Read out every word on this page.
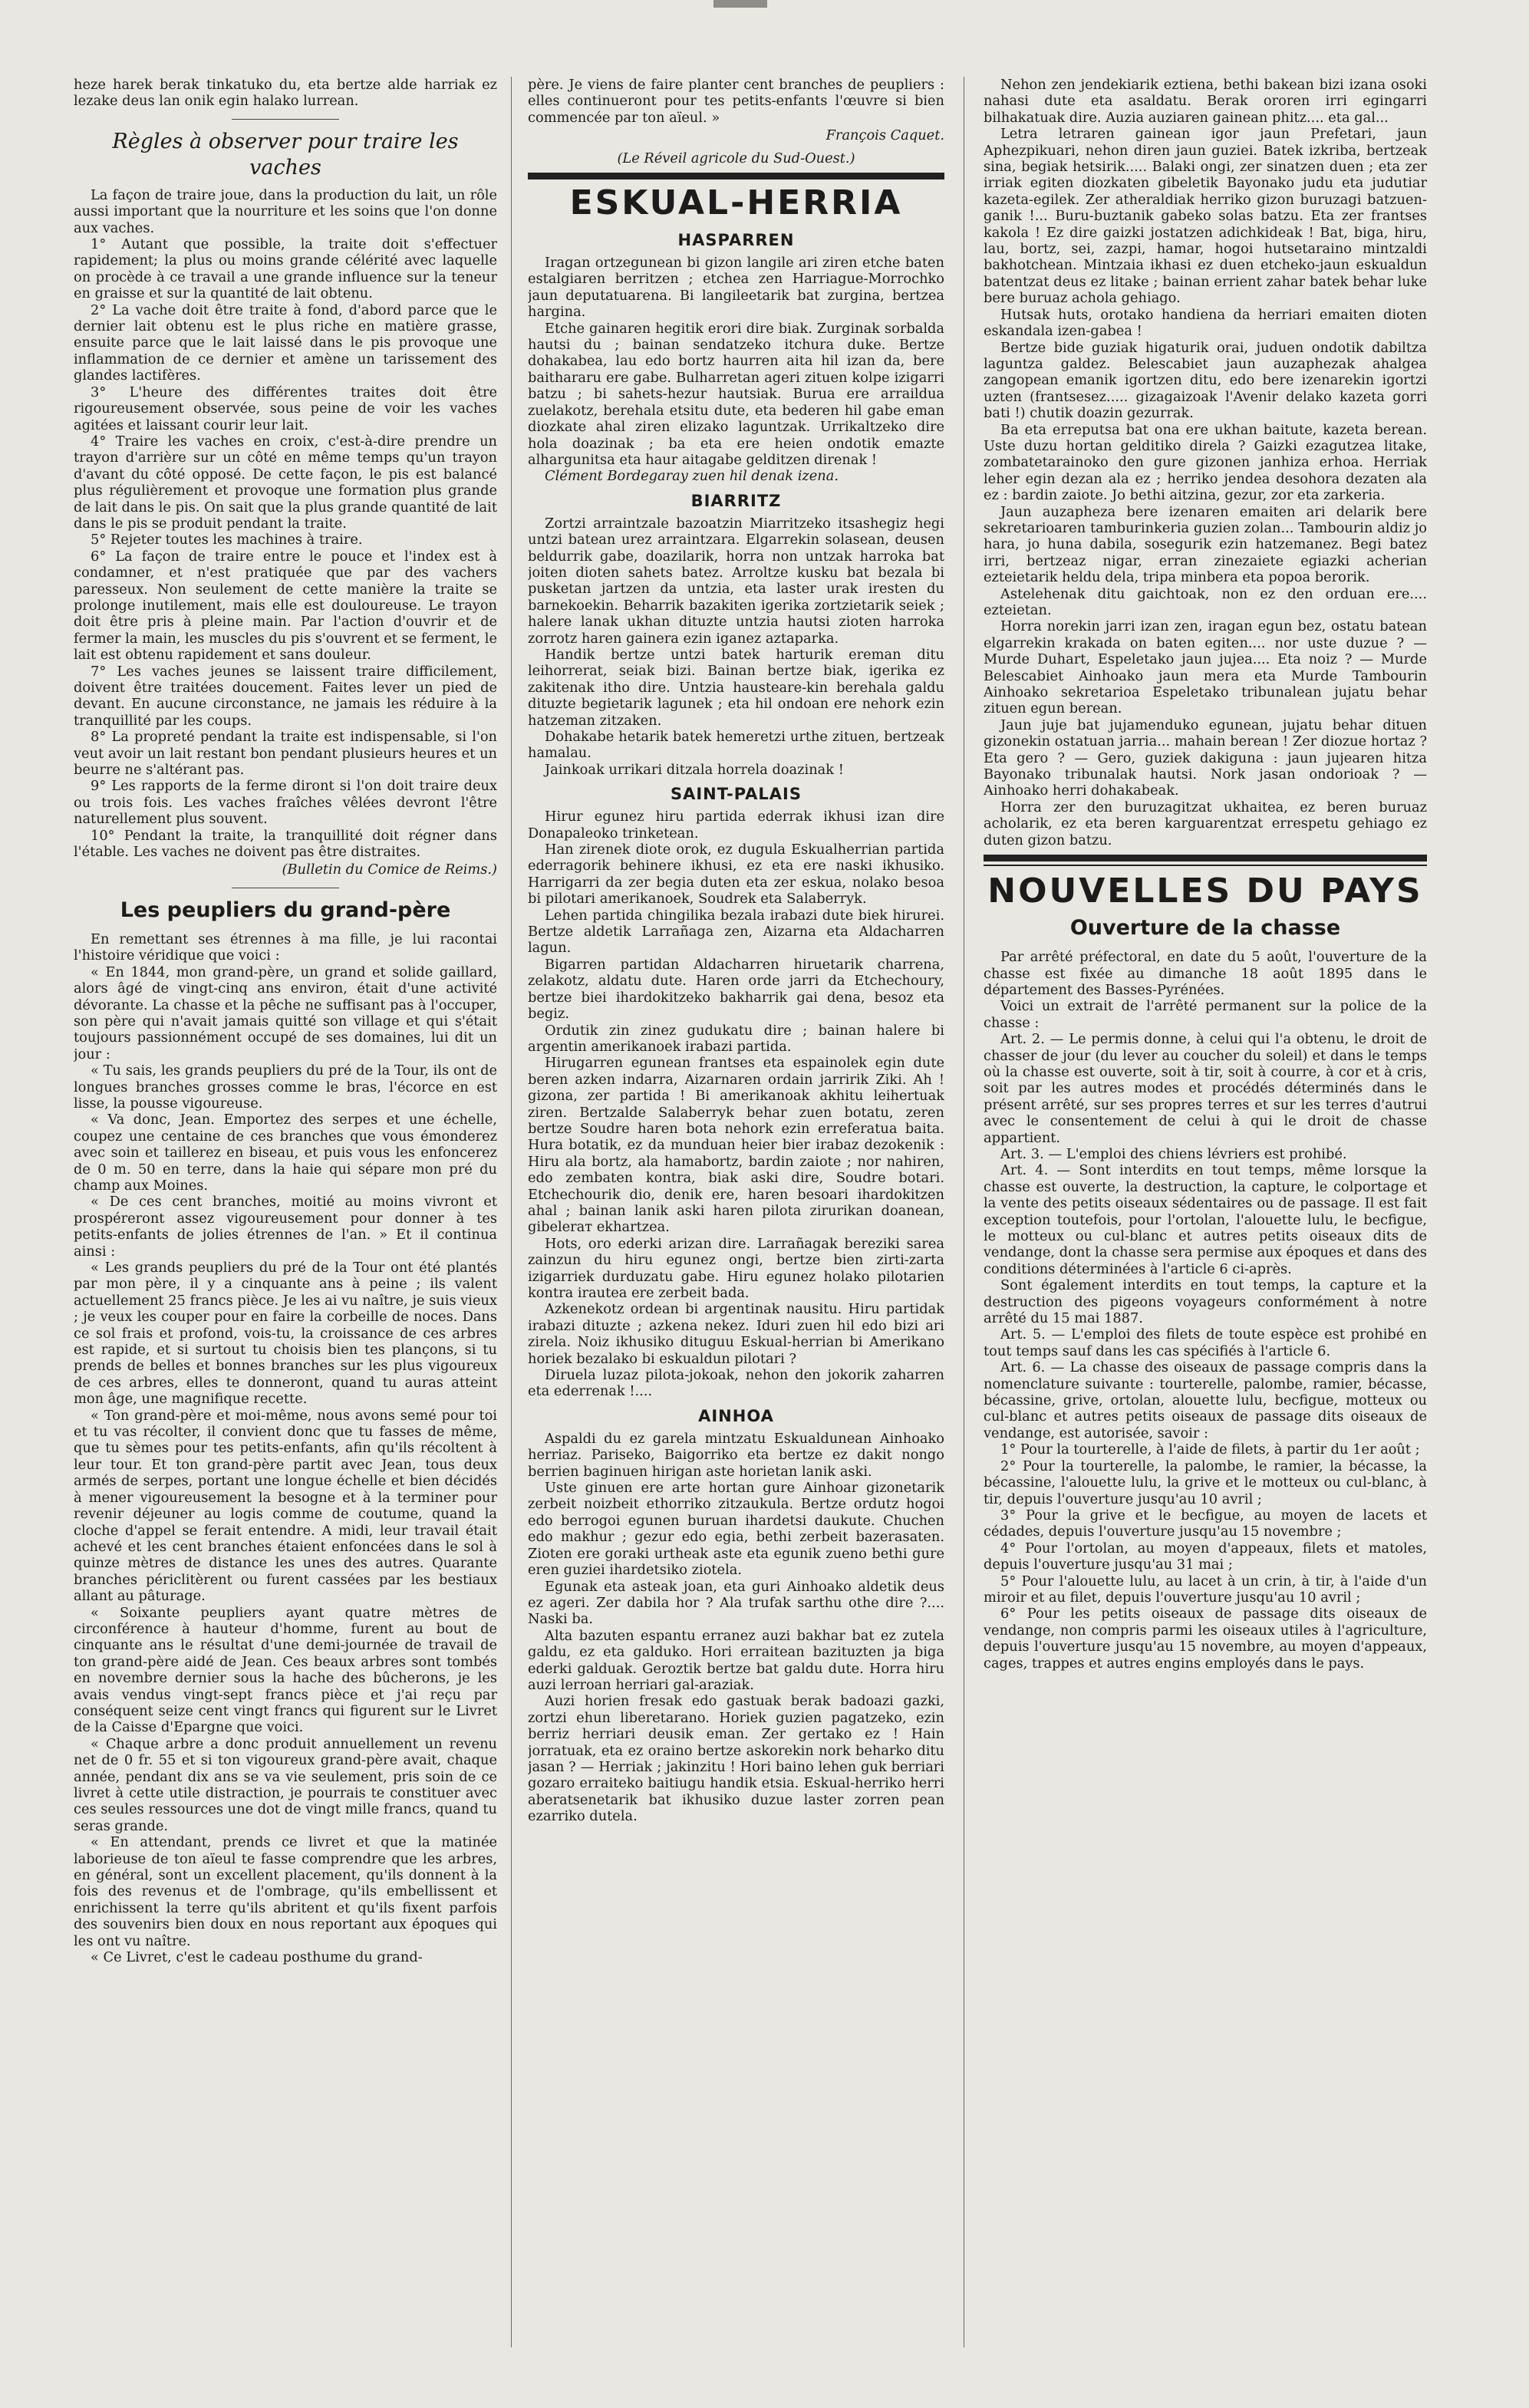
heze harek berak tinkatuko du, eta bertze alde harriak ez lezake deus lan onik egin halako lurrean.

Règles à observer pour traire les vaches

La façon de traire joue, dans la production du lait, un rôle aussi important que la nourriture et les soins que l'on donne aux vaches.

1° Autant que possible, la traite doit s'effectuer rapidement; la plus ou moins grande célérité avec laquelle on procède à ce travail a une grande influence sur la teneur en graisse et sur la quantité de lait obtenu.

2° La vache doit être traite à fond, d'abord parce que le dernier lait obtenu est le plus riche en matière grasse, ensuite parce que le lait laissé dans le pis provoque une inflammation de ce dernier et amène un tarissement des glandes lactifères.

3° L'heure des différentes traites doit être rigoureusement observée, sous peine de voir les vaches agitées et laissant courir leur lait.

4° Traire les vaches en croix, c'est-à-dire prendre un trayon d'arrière sur un côté en même temps qu'un trayon d'avant du côté opposé. De cette façon, le pis est balancé plus régulièrement et provoque une formation plus grande de lait dans le pis. On sait que la plus grande quantité de lait dans le pis se produit pendant la traite.

5° Rejeter toutes les machines à traire.

6° La façon de traire entre le pouce et l'index est à condamner, et n'est pratiquée que par des vachers paresseux. Non seulement de cette manière la traite se prolonge inutilement, mais elle est douloureuse. Le trayon doit être pris à pleine main. Par l'action d'ouvrir et de fermer la main, les muscles du pis s'ouvrent et se ferment, le lait est obtenu rapidement et sans douleur.

7° Les vaches jeunes se laissent traire difficilement, doivent être traitées doucement. Faites lever un pied de devant. En aucune circonstance, ne jamais les réduire à la tranquillité par les coups.

8° La propreté pendant la traite est indispensable, si l'on veut avoir un lait restant bon pendant plusieurs heures et un beurre ne s'altérant pas.

9° Les rapports de la ferme diront si l'on doit traire deux ou trois fois. Les vaches fraîches vêlées devront l'être naturellement plus souvent.

10° Pendant la traite, la tranquillité doit régner dans l'étable. Les vaches ne doivent pas être distraites.

(Bulletin du Comice de Reims.)
Les peupliers du grand-père

En remettant ses étrennes à ma fille, je lui racontai l'histoire véridique que voici :

« En 1844, mon grand-père, un grand et solide gaillard, alors âgé de vingt-cinq ans environ, était d'une activité dévorante. La chasse et la pêche ne suffisant pas à l'occuper, son père qui n'avait jamais quitté son village et qui s'était toujours passionnément occupé de ses domaines, lui dit un jour :

« Tu sais, les grands peupliers du pré de la Tour, ils ont de longues branches grosses comme le bras, l'écorce en est lisse, la pousse vigoureuse.

« Va donc, Jean. Emportez des serpes et une échelle, coupez une centaine de ces branches que vous émonderez avec soin et taillerez en biseau, et puis vous les enfoncerez de 0 m. 50 en terre, dans la haie qui sépare mon pré du champ aux Moines.

« De ces cent branches, moitié au moins vivront et prospéreront assez vigoureusement pour donner à tes petits-enfants de jolies étrennes de l'an. » Et il continua ainsi :

« Les grands peupliers du pré de la Tour ont été plantés par mon père, il y a cinquante ans à peine ; ils valent actuellement 25 francs pièce. Je les ai vu naître, je suis vieux ; je veux les couper pour en faire la corbeille de noces. Dans ce sol frais et profond, vois-tu, la croissance de ces arbres est rapide, et si surtout tu choisis bien tes plançons, si tu prends de belles et bonnes branches sur les plus vigoureux de ces arbres, elles te donneront, quand tu auras atteint mon âge, une magnifique recette.

« Ton grand-père et moi-même, nous avons semé pour toi et tu vas récolter, il convient donc que tu fasses de même, que tu sèmes pour tes petits-enfants, afin qu'ils récoltent à leur tour. Et ton grand-père partit avec Jean, tous deux armés de serpes, portant une longue échelle et bien décidés à mener vigoureusement la besogne et à la terminer pour revenir déjeuner au logis comme de coutume, quand la cloche d'appel se ferait entendre. A midi, leur travail était achevé et les cent branches étaient enfoncées dans le sol à quinze mètres de distance les unes des autres. Quarante branches périclitèrent ou furent cassées par les bestiaux allant au pâturage.

« Soixante peupliers ayant quatre mètres de circonférence à hauteur d'homme, furent au bout de cinquante ans le résultat d'une demi-journée de travail de ton grand-père aidé de Jean. Ces beaux arbres sont tombés en novembre dernier sous la hache des bûcherons, je les avais vendus vingt-sept francs pièce et j'ai reçu par conséquent seize cent vingt francs qui figurent sur le Livret de la Caisse d'Epargne que voici.

« Chaque arbre a donc produit annuellement un revenu net de 0 fr. 55 et si ton vigoureux grand-père avait, chaque année, pendant dix ans se va vie seulement, pris soin de ce livret à cette utile distraction, je pourrais te constituer avec ces seules ressources une dot de vingt mille francs, quand tu seras grande.

« En attendant, prends ce livret et que la matinée laborieuse de ton aïeul te fasse comprendre que les arbres, en général, sont un excellent placement, qu'ils donnent à la fois des revenus et de l'ombrage, qu'ils embellissent et enrichissent la terre qu'ils abritent et qu'ils fixent parfois des souvenirs bien doux en nous reportant aux époques qui les ont vu naître.

« Ce Livret, c'est le cadeau posthume du grand-

père. Je viens de faire planter cent branches de peupliers : elles continueront pour tes petits-enfants l'œuvre si bien commencée par ton aïeul. »

François Caquet.
(Le Réveil agricole du Sud-Ouest.)
ESKUAL-HERRIA
HASPARREN

Iragan ortzegunean bi gizon langile ari ziren etche baten estalgiaren berritzen ; etchea zen Harriague-Morrochko jaun deputatuarena. Bi langileetarik bat zurgina, bertzea hargina.

Etche gainaren hegitik erori dire biak. Zurginak sorbalda hautsi du ; bainan sendatzeko itchura duke. Bertze dohakabea, lau edo bortz haurren aita hil izan da, bere baithararu ere gabe. Bulharretan ageri zituen kolpe izigarri batzu ; bi sahets-hezur hautsiak. Burua ere arraildua zuelakotz, berehala etsitu dute, eta bederen hil gabe eman diozkate ahal ziren elizako laguntzak. Urrikaltzeko dire hola doazinak ; ba eta ere heien ondotik emazte alhargunitsa eta haur aitagabe gelditzen direnak !

Clément Bordegaray zuen hil denak izena.

BIARRITZ

Zortzi arraintzale bazoatzin Miarritzeko itsashegiz hegi untzi batean urez arraintzara. Elgarrekin solasean, deusen beldurrik gabe, doazilarik, horra non untzak harroka bat joiten dioten sahets batez. Arroltze kusku bat bezala bi pusketan jartzen da untzia, eta laster urak iresten du barnekoekin. Beharrik bazakiten igerika zortzietarik seiek ; halere lanak ukhan dituzte untzia hautsi zioten harroka zorrotz haren gainera ezin iganez aztaparka.

Handik bertze untzi batek harturik ereman ditu leihorrerat, seiak bizi. Bainan bertze biak, igerika ez zakitenak itho dire. Untzia hausteare-kin berehala galdu dituzte begietarik lagunek ; eta hil ondoan ere nehork ezin hatzeman zitzaken.

Dohakabe hetarik batek hemeretzi urthe zituen, bertzeak hamalau.

Jainkoak urrikari ditzala horrela doazinak !

SAINT-PALAIS

Hirur egunez hiru partida ederrak ikhusi izan dire Donapaleoko trinketean.

Han zirenek diote orok, ez dugula Eskualherrian partida ederragorik behinere ikhusi, ez eta ere naski ikhusiko. Harrigarri da zer begia duten eta zer eskua, nolako besoa bi pilotari amerikanoek, Soudrek eta Salaberryk.

Lehen partida chingilika bezala irabazi dute biek hirurei. Bertze aldetik Larrañaga zen, Aizarna eta Aldacharren lagun.

Bigarren partidan Aldacharren hiruetarik charrena, zelakotz, aldatu dute. Haren orde jarri da Etchechoury, bertze biei ihardokitzeko bakharrik gai dena, besoz eta begiz.

Ordutik zin zinez gudukatu dire ; bainan halere bi argentin amerikanoek irabazi partida.

Hirugarren egunean frantses eta espainolek egin dute beren azken indarra, Aizarnaren ordain jarririk Ziki. Ah ! gizona, zer partida ! Bi amerikanoak akhitu leihertuak ziren. Bertzalde Salaberryk behar zuen botatu, zeren bertze Soudre haren bota nehork ezin erreferatua baita. Hura botatik, ez da munduan heier bier irabaz dezokenik : Hiru ala bortz, ala hamabortz, bardin zaiote ; nor nahiren, edo zembaten kontra, biak aski dire, Soudre botari. Etchechourik dio, denik ere, haren besoari ihardokitzen ahal ; bainan lanik aski haren pilota zirurikan doanean, gibeleraт ekhartzea.

Hots, oro ederki arizan dire. Larrañagak bereziki sarea zainzun du hiru egunez ongi, bertze bien zirti-zarta izigarriek durduzatu gabe. Hiru egunez holako pilotarien kontra irautea ere zerbeit bada.

Azkenekotz ordean bi argentinak nausitu. Hiru partidak irabazi dituzte ; azkena nekez. Iduri zuen hil edo bizi ari zirela. Noiz ikhusiko dituguu Eskual-herrian bi Amerikano horiek bezalako bi eskualdun pilotari ?

Diruela luzaz pilota-jokoak, nehon den jokorik zaharren eta ederrenak !....

AINHOA

Aspaldi du ez garela mintzatu Eskualdunean Ainhoako herriaz. Pariseko, Baigorriko eta bertze ez dakit nongo berrien baginuen hirigan aste horietan lanik aski.

Uste ginuen ere arte hortan gure Ainhoar gizonetarik zerbeit noizbeit ethorriko zitzaukula. Bertze ordutz hogoi edo berrogoi egunen buruan ihardetsi daukute. Chuchen edo makhur ; gezur edo egia, bethi zerbeit bazerasaten. Zioten ere goraki urtheak aste eta egunik zueno bethi gure eren guziei ihardetsiko ziotela.

Egunak eta asteak joan, eta guri Ainhoako aldetik deus ez ageri. Zer dabila hor ? Ala trufak sarthu othe dire ?.... Naski ba.

Alta bazuten espantu erranez auzi bakhar bat ez zutela galdu, ez eta galduko. Hori erraitean bazituzten ja biga ederki galduak. Geroztik bertze bat galdu dute. Horra hiru auzi lerroan herriari gal-araziak.

Auzi horien fresak edo gastuak berak badoazi gazki, zortzi ehun liberetarano. Horiek guzien pagatzeko, ezin berriz herriari deusik eman. Zer gertako ez ! Hain jorratuak, eta ez oraino bertze askorekin nork beharko ditu jasan ? — Herriak ; jakinzitu ! Hori baino lehen guk berriari gozaro erraiteko baitiugu handik etsia. Eskual-herriko herri aberatsenetarik bat ikhusiko duzue laster zorren pean ezarriko dutela.

Nehon zen jendekiarik eztiena, bethi bakean bizi izana osoki nahasi dute eta asaldatu. Berak ororen irri egingarri bilhakatuak dire. Auzia auziaren gainean phitz.... eta gal...

Letra letraren gainean igor jaun Prefetari, jaun Aphezpikuari, nehon diren jaun guziei. Batek izkriba, bertzeak sina, begiak hetsirik..... Balaki ongi, zer sinatzen duen ; eta zer irriak egiten diozkaten gibeletik Bayonako judu eta judutiar kazeta-egilek. Zer atheraldiak herriko gizon buruzagi batzuen-ganik !... Buru-buztanik gabeko solas batzu. Eta zer frantses kakola ! Ez dire gaizki jostatzen adichkideak ! Bat, biga, hiru, lau, bortz, sei, zazpi, hamar, hogoi hutsetaraino mintzaldi bakhotchean. Mintzaia ikhasi ez duen etcheko-jaun eskualdun batentzat deus ez litake ; bainan errient zahar batek behar luke bere buruaz achola gehiago.

Hutsak huts, orotako handiena da herriari emaiten dioten eskandala izen-gabea !

Bertze bide guziak higaturik orai, juduen ondotik dabiltza laguntza galdez. Belescabiet jaun auzaphezak ahalgea zangopean emanik igortzen ditu, edo bere izenarekin igortzi uzten (frantsesez..... gizagaizoak l'Avenir delako kazeta gorri bati !) chutik doazin gezurrak.

Ba eta erreputsa bat ona ere ukhan baitute, kazeta berean. Uste duzu hortan gelditiko direla ? Gaizki ezagutzea litake, zombatetarainoko den gure gizonen janhiza erhoa. Herriak leher egin dezan ala ez ; herriko jendea desohora dezaten ala ez : bardin zaiote. Jo bethi aitzina, gezur, zor eta zarkeria.

Jaun auzapheza bere izenaren emaiten ari delarik bere sekretarioaren tamburinkeria guzien zolan... Tambourin aldiz jo hara, jo hunа dabila, sosegurik ezin hatzemanez. Begi batez irri, bertzeaz nigar, erran zinezaiete egiazki acherian ezteietarik heldu dela, tripa minbera eta popoa berorik.

Astelehenak ditu gaichtoak, non ez den orduan ere.... ezteietan.

Horra norekin jarri izan zen, iragan egun bez, ostatu batean elgarrekin krakada on baten egiten.... nor uste duzue ? — Murde Duhart, Espeletako jaun jujea.... Eta noiz ? — Murde Belescabiet Ainhoako jaun mera eta Murde Tambourin Ainhoako sekretarioa Espeletako tribunalean jujatu behar zituen egun berean.

Jaun juje bat jujamenduko egunean, jujatu behar dituen gizonekin ostatuan jarria... mahain berean ! Zer diozue hortaz ? Eta gero ? — Gero, guziek dakiguna : jaun jujearen hitza Bayonako tribunalak hautsi. Nork jasan ondorioak ? — Ainhoako herri dohakabeak.

Horra zer den buruzagitzat ukhaitea, ez beren buruaz acholarik, ez eta beren karguarentzat errespetu gehiago ez duten gizon batzu.

NOUVELLES DU PAYS
Ouverture de la chasse

Par arrêté préfectoral, en date du 5 août, l'ouverture de la chasse est fixée au dimanche 18 août 1895 dans le département des Basses-Pyrénées.

Voici un extrait de l'arrêté permanent sur la police de la chasse :

Art. 2. — Le permis donne, à celui qui l'a obtenu, le droit de chasser de jour (du lever au coucher du soleil) et dans le temps où la chasse est ouverte, soit à tir, soit à courre, à cor et à cris, soit par les autres modes et procédés déterminés dans le présent arrêté, sur ses propres terres et sur les terres d'autrui avec le consentement de celui à qui le droit de chasse appartient.

Art. 3. — L'emploi des chiens lévriers est prohibé.

Art. 4. — Sont interdits en tout temps, même lorsque la chasse est ouverte, la destruction, la capture, le colportage et la vente des petits oiseaux sédentaires ou de passage. Il est fait exception toutefois, pour l'ortolan, l'alouette lulu, le becfigue, le motteux ou cul-blanc et autres petits oiseaux dits de vendange, dont la chasse sera permise aux époques et dans des conditions déterminées à l'article 6 ci-après.

Sont également interdits en tout temps, la capture et la destruction des pigeons voyageurs conformément à notre arrêté du 15 mai 1887.

Art. 5. — L'emploi des filets de toute espèce est prohibé en tout temps sauf dans les cas spécifiés à l'article 6.

Art. 6. — La chasse des oiseaux de passage compris dans la nomenclature suivante : tourterelle, palombe, ramier, bécasse, bécassine, grive, ortolan, alouette lulu, becfigue, motteux ou cul-blanc et autres petits oiseaux de passage dits oiseaux de vendange, est autorisée, savoir :

1° Pour la tourterelle, à l'aide de filets, à partir du 1er août ;

2° Pour la tourterelle, la palombe, le ramier, la bécasse, la bécassine, l'alouette lulu, la grive et le motteux ou cul-blanc, à tir, depuis l'ouverture jusqu'au 10 avril ;

3° Pour la grive et le becfigue, au moyen de lacets et cédades, depuis l'ouverture jusqu'au 15 novembre ;

4° Pour l'ortolan, au moyen d'appeaux, filets et matoles, depuis l'ouverture jusqu'au 31 mai ;

5° Pour l'alouette lulu, au lacet à un crin, à tir, à l'aide d'un miroir et au filet, depuis l'ouverture jusqu'au 10 avril ;

6° Pour les petits oiseaux de passage dits oiseaux de vendange, non compris parmi les oiseaux utiles à l'agriculture, depuis l'ouverture jusqu'au 15 novembre, au moyen d'appeaux, cages, trappes et autres engins employés dans le pays.
